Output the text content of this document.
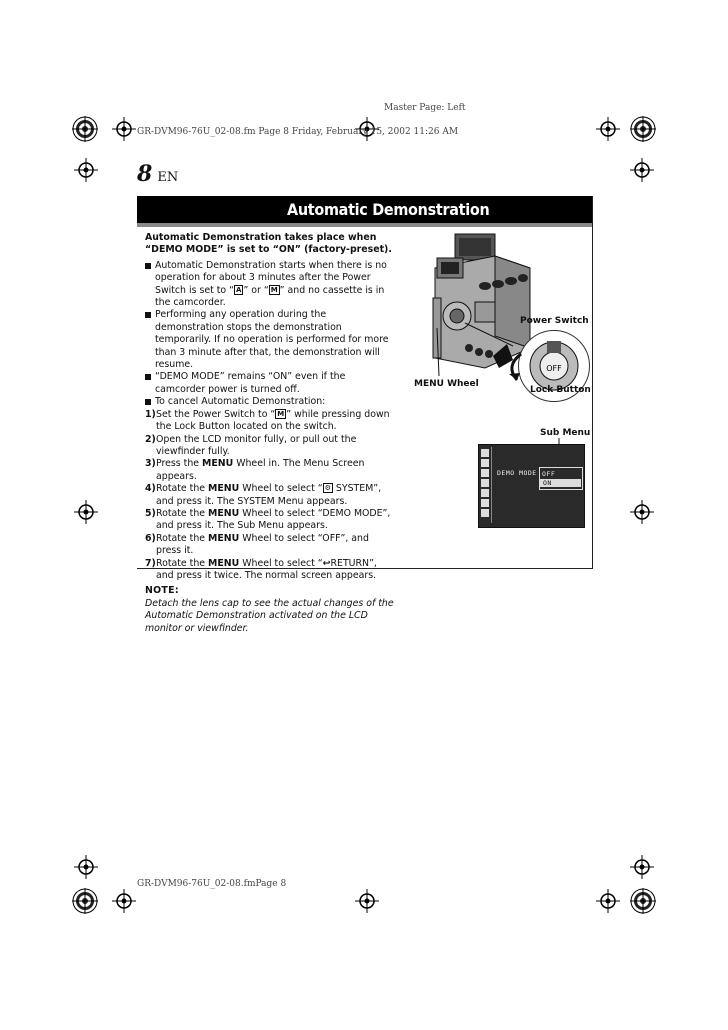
Master Page: Left
GR-DVM96-76U_02-08.fm Page 8 Friday, February 15, 2002 11:26 AM
8 EN
Automatic Demonstration

Automatic Demonstration takes place when “DEMO MODE” is set to “ON” (factory-preset).

Automatic Demonstration starts when there is no operation for about 3 minutes after the Power Switch is set to “ A ” or “ M ” and no cassette is in the camcorder.

Performing any operation during the demonstration stops the demonstration temporarily. If no operation is performed for more than 3 minute after that, the demonstration will resume.

“DEMO MODE” remains “ON” even if the camcorder power is turned off.

To cancel Automatic Demonstration:

1) Set the Power Switch to “ M ” while pressing down the Lock Button located on the switch.

2) Open the LCD monitor fully, or pull out the viewfinder fully.

3) Press the MENU Wheel in. The Menu Screen appears.

4) Rotate the MENU Wheel to select “ ⚙ SYSTEM”, and press it. The SYSTEM Menu appears.

5) Rotate the MENU Wheel to select “DEMO MODE”, and press it. The Sub Menu appears.

6) Rotate the MENU Wheel to select “OFF”, and press it.

7) Rotate the MENU Wheel to select “↩RETURN”, and press it twice. The normal screen appears.

NOTE:

Detach the lens cap to see the actual changes of the Automatic Demonstration activated on the LCD monitor or viewfinder.

OFF
Power Switch
MENU Wheel
Lock Button
Sub Menu
DEMO MODE OFF
ON
GR-DVM96-76U_02-08.fmPage 8
